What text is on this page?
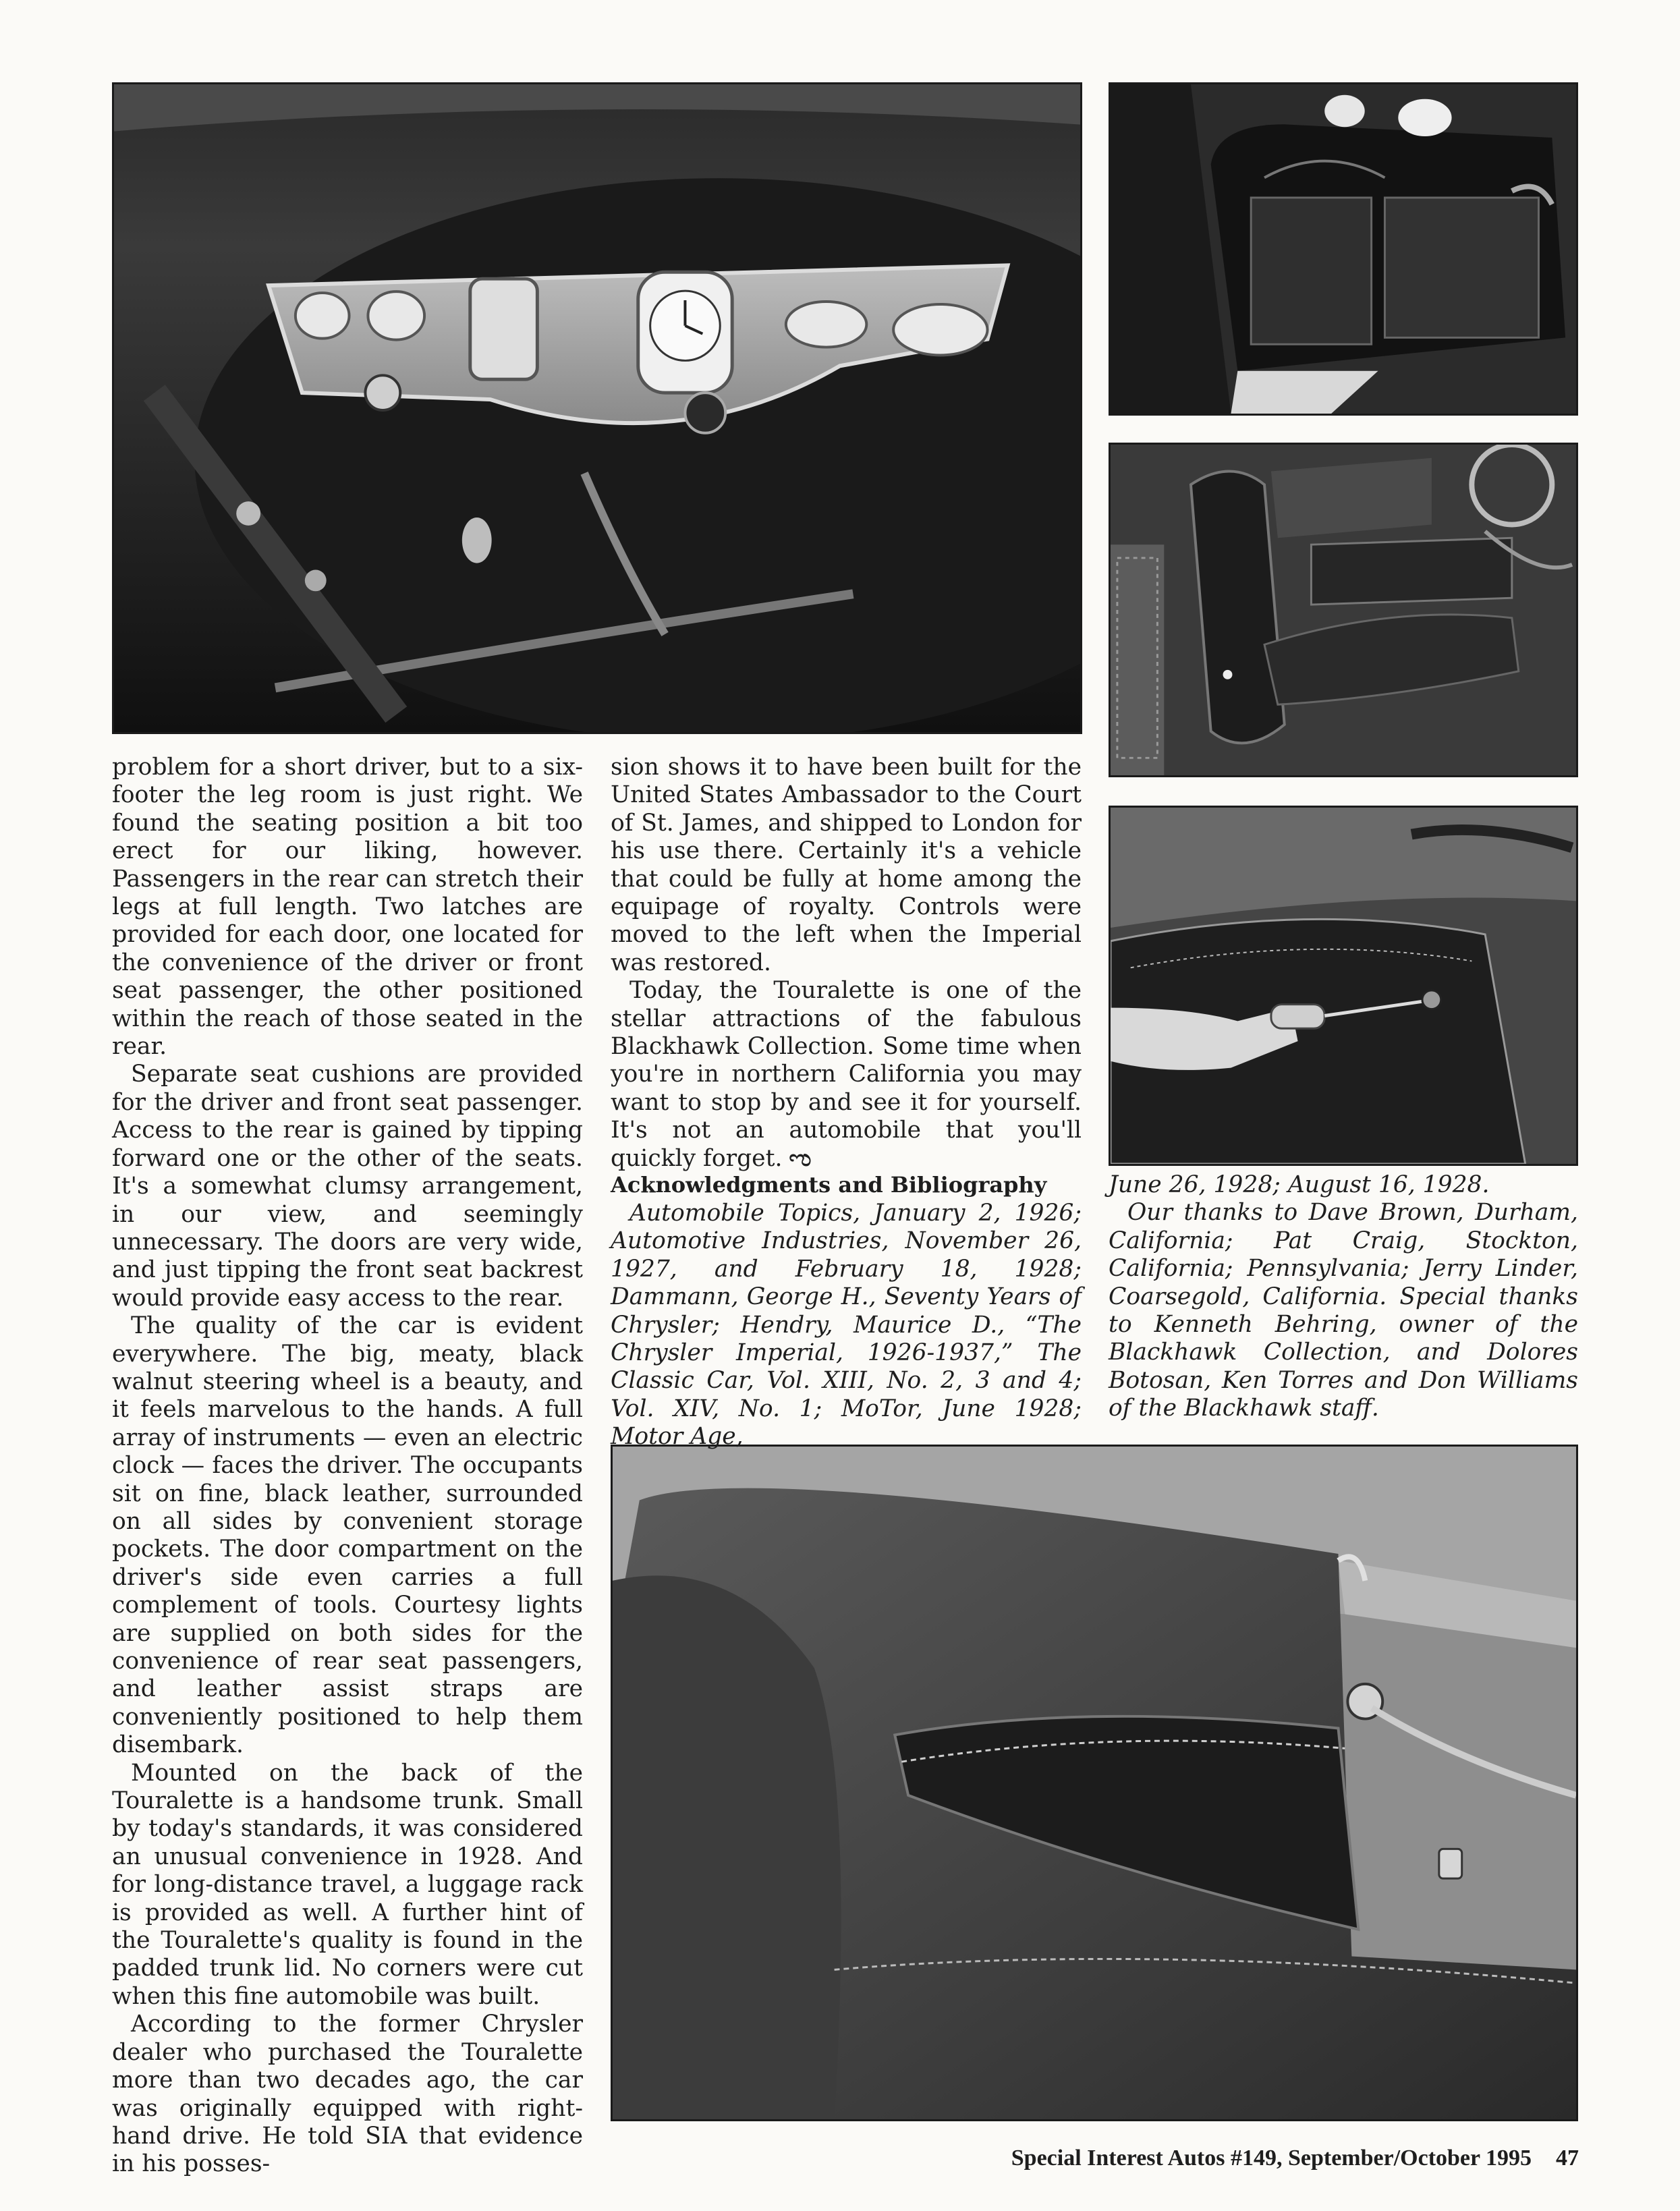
problem for a short driver, but to a six-footer the leg room is just right. We found the seating position a bit too erect for our liking, however. Passengers in the rear can stretch their legs at full length. Two latches are provided for each door, one located for the convenience of the driver or front seat passenger, the other positioned within the reach of those seated in the rear.

Separate seat cushions are provided for the driver and front seat passenger. Access to the rear is gained by tipping forward one or the other of the seats. It's a somewhat clumsy arrangement, in our view, and seemingly unnecessary. The doors are very wide, and just tipping the front seat backrest would provide easy access to the rear.

The quality of the car is evident everywhere. The big, meaty, black walnut steering wheel is a beauty, and it feels marvelous to the hands. A full array of instruments — even an electric clock — faces the driver. The occupants sit on fine, black leather, surrounded on all sides by convenient storage pockets. The door compartment on the driver's side even carries a full complement of tools. Courtesy lights are supplied on both sides for the convenience of rear seat passengers, and leather assist straps are conveniently positioned to help them disembark.

Mounted on the back of the Touralette is a handsome trunk. Small by today's standards, it was considered an unusual convenience in 1928. And for long-distance travel, a luggage rack is provided as well. A further hint of the Touralette's quality is found in the padded trunk lid. No corners were cut when this fine automobile was built.

According to the former Chrysler dealer who purchased the Touralette more than two decades ago, the car was originally equipped with right-hand drive. He told SIA that evidence in his posses-

sion shows it to have been built for the United States Ambassador to the Court of St. James, and shipped to London for his use there. Certainly it's a vehicle that could be fully at home among the equipage of royalty. Controls were moved to the left when the Imperial was restored.

Today, the Touralette is one of the stellar attractions of the fabulous Blackhawk Collection. Some time when you're in northern California you may want to stop by and see it for yourself. It's not an automobile that you'll quickly forget. ಌ

Acknowledgments and Bibliography

Automobile Topics, January 2, 1926; Automotive Industries, November 26, 1927, and February 18, 1928; Dammann, George H., Seventy Years of Chrysler; Hendry, Maurice D., “The Chrysler Imperial, 1926-1937,” The Classic Car, Vol. XIII, No. 2, 3 and 4; Vol. XIV, No. 1; MoTor, June 1928; Motor Age,

June 26, 1928; August 16, 1928.

Our thanks to Dave Brown, Durham, California; Pat Craig, Stockton, California; Pennsylvania; Jerry Linder, Coarsegold, California. Special thanks to Kenneth Behring, owner of the Blackhawk Collection, and Dolores Botosan, Ken Torres and Don Williams of the Blackhawk staff.

Special Interest Autos #149, September/October 1995 47
